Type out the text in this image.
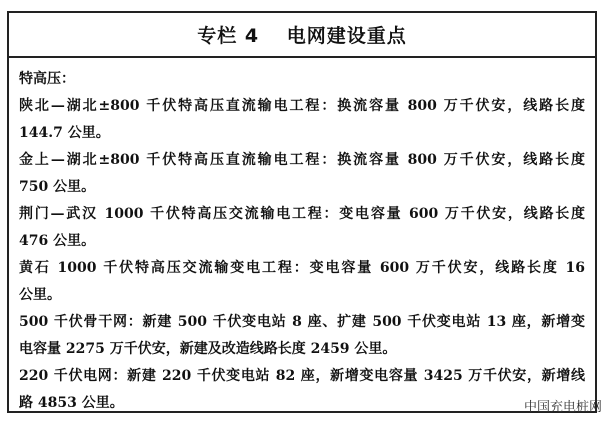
专栏 4　 电网建设重点
特高压：
陕北—湖北±800 千伏特高压直流输电工程：换流容量 800 万千伏安，线路长度
144.7 公里。
金上—湖北±800 千伏特高压直流输电工程：换流容量 800 万千伏安，线路长度
750 公里。
荆门—武汉 1000 千伏特高压交流输电工程：变电容量 600 万千伏安，线路长度
476 公里。
黄石 1000 千伏特高压交流输变电工程：变电容量 600 万千伏安，线路长度 16
公里。
500 千伏骨干网：新建 500 千伏变电站 8 座、扩建 500 千伏变电站 13 座，新增变
电容量 2275 万千伏安，新建及改造线路长度 2459 公里。
220 千伏电网：新建 220 千伏变电站 82 座，新增变电容量 3425 万千伏安，新增线
路 4853 公里。	中国充电桩网
